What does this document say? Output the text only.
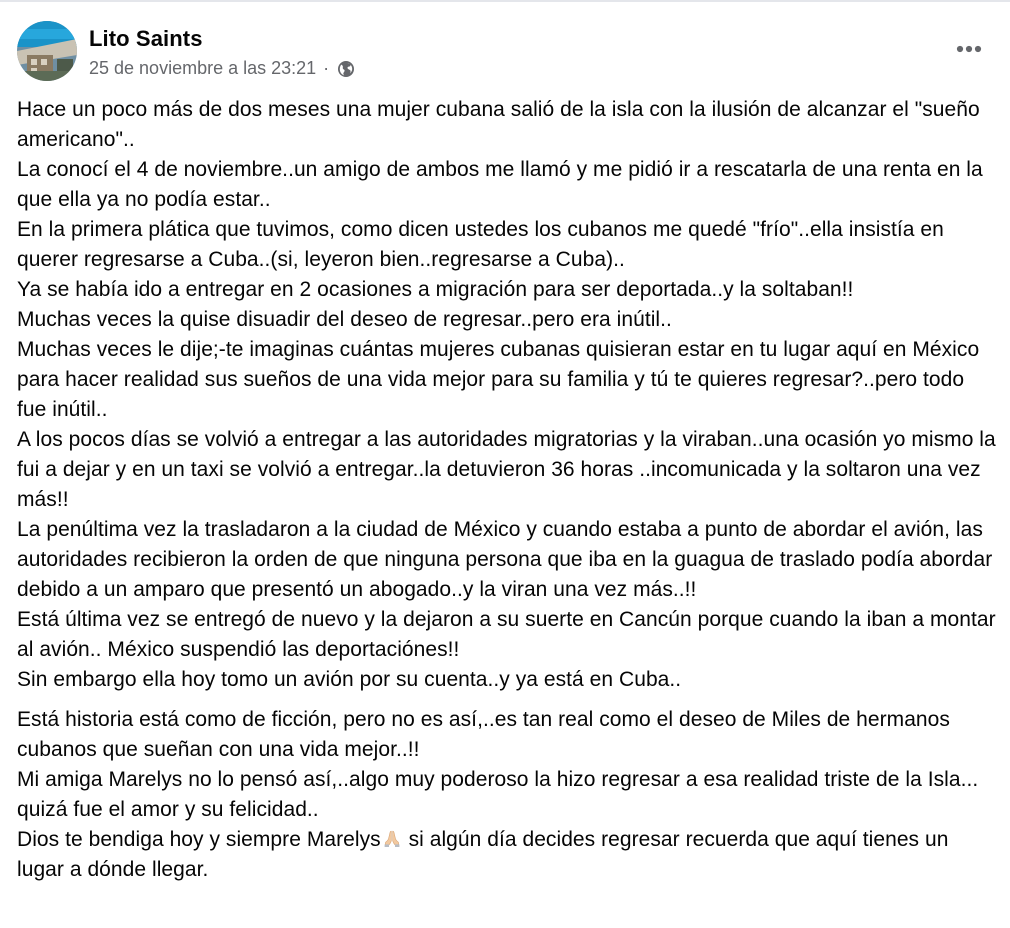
Lito Saints
25 de noviembre a las 23:21 ·

Hace un poco más de dos meses una mujer cubana salió de la isla con la ilusión de alcanzar el "sueño americano"..

La conocí el 4 de noviembre..un amigo de ambos me llamó y me pidió ir a rescatarla de una renta en la que ella ya no podía estar..

En la primera plática que tuvimos, como dicen ustedes los cubanos me quedé "frío"..ella insistía en querer regresarse a Cuba..(si, leyeron bien..regresarse a Cuba)..

Ya se había ido a entregar en 2 ocasiones a migración para ser deportada..y la soltaban!!

Muchas veces la quise disuadir del deseo de regresar..pero era inútil..

Muchas veces le dije;-te imaginas cuántas mujeres cubanas quisieran estar en tu lugar aquí en México para hacer realidad sus sueños de una vida mejor para su familia y tú te quieres regresar?..pero todo fue inútil..

A los pocos días se volvió a entregar a las autoridades migratorias y la viraban..una ocasión yo mismo la fui a dejar y en un taxi se volvió a entregar..la detuvieron 36 horas ..incomunicada y la soltaron una vez más!!

La penúltima vez la trasladaron a la ciudad de México y cuando estaba a punto de abordar el avión, las autoridades recibieron la orden de que ninguna persona que iba en la guagua de traslado podía abordar debido a un amparo que presentó un abogado..y la viran una vez más..!!

Está última vez se entregó de nuevo y la dejaron a su suerte en Cancún porque cuando la iban a montar al avión.. México suspendió las deportaciónes!!

Sin embargo ella hoy tomo un avión por su cuenta..y ya está en Cuba..

Está historia está como de ficción, pero no es así,..es tan real como el deseo de Miles de hermanos cubanos que sueñan con una vida mejor..!!

Mi amiga Marelys no lo pensó así,..algo muy poderoso la hizo regresar a esa realidad triste de la Isla... quizá fue el amor y su felicidad..

Dios te bendiga hoy y siempre Marelys si algún día decides regresar recuerda que aquí tienes un lugar a dónde llegar.
